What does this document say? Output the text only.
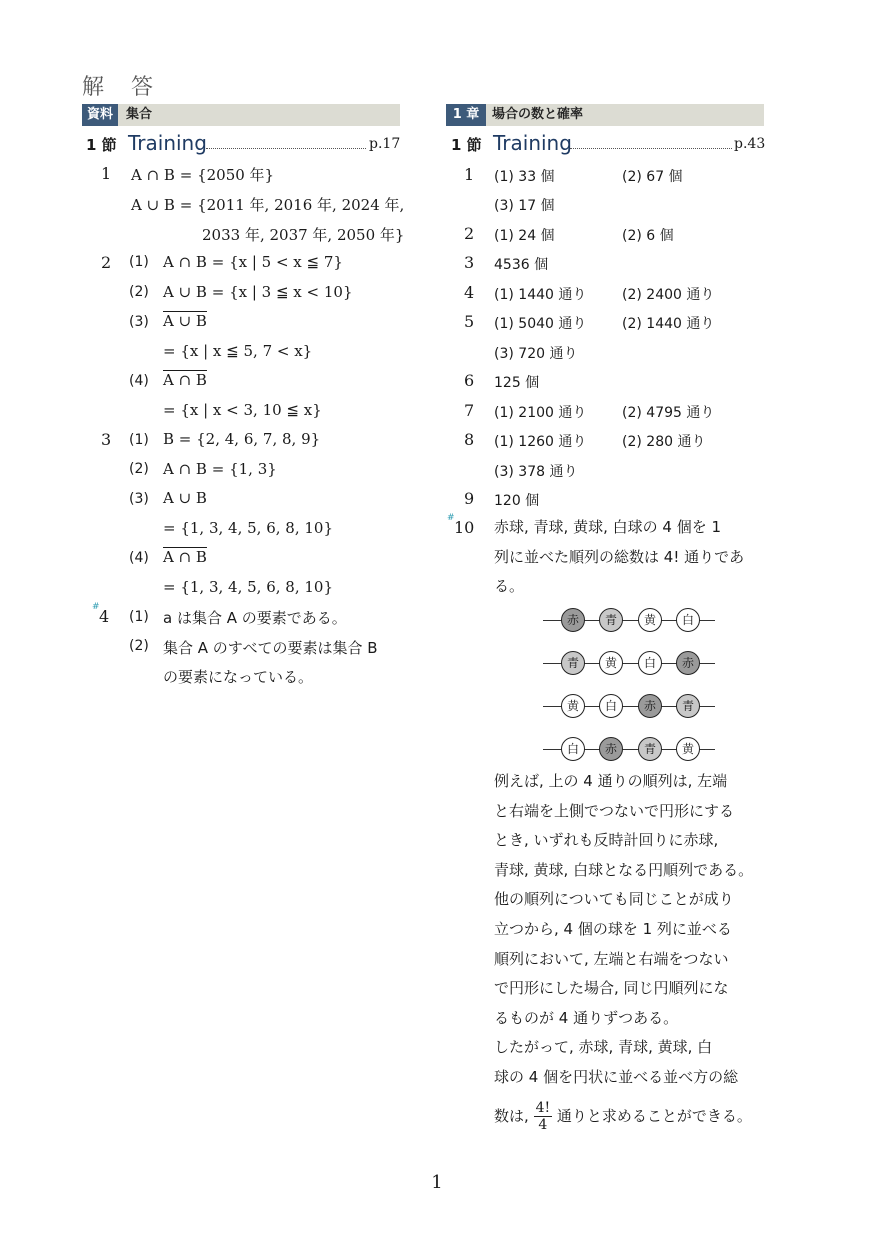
解 答
資料	集合
1 節 Training	p.17
1 A ∩ B = {2050 年}
A ∪ B = {2011 年, 2016 年, 2024 年,
2033 年, 2037 年, 2050 年}
2 (1) A ∩ B = {x | 5 < x ≦ 7}
(2) A ∪ B = {x | 3 ≦ x < 10}
(3) A ∪ B
= {x | x ≦ 5, 7 < x}
(4) A ∩ B
= {x | x < 3, 10 ≦ x}
3 (1) B = {2, 4, 6, 7, 8, 9}
(2) A ∩ B = {1, 3}
(3) A ∪ B
= {1, 3, 4, 5, 6, 8, 10}
(4) A ∩ B
= {1, 3, 4, 5, 6, 8, 10}
# 4 (1) a は集合 A の要素である。
(2) 集合 A のすべての要素は集合 B
の要素になっている。
1 章 場合の数と確率
1 節 Training	p.43
1 (1) 33 個	(2) 67 個
(3) 17 個
2 (1) 24 個	(2) 6 個
3 4536 個
4 (1) 1440 通り	(2) 2400 通り
5 (1) 5040 通り	(2) 1440 通り
(3) 720 通り
6 125 個
7 (1) 2100 通り	(2) 4795 通り
8 (1) 1260 通り	(2) 280 通り
(3) 378 通り
9 120 個
# 10 赤球, 青球, 黄球, 白球の 4 個を 1
列に並べた順列の総数は 4! 通りであ
る。
赤	青	黄	白
青	黄	白	赤
黄	白	赤	青
白	赤	青	黄
例えば, 上の 4 通りの順列は, 左端
と右端を上側でつないで円形にする
とき, いずれも反時計回りに赤球,
青球, 黄球, 白球となる円順列である。
他の順列についても同じことが成り
立つから, 4 個の球を 1 列に並べる
順列において, 左端と右端をつない
で円形にした場合, 同じ円順列にな
るものが 4 通りずつある。
したがって, 赤球, 青球, 黄球, 白
球の 4 個を円状に並べる並べ方の総
数は, $\frac{4!}{4}$ 通りと求めることができる。
1
